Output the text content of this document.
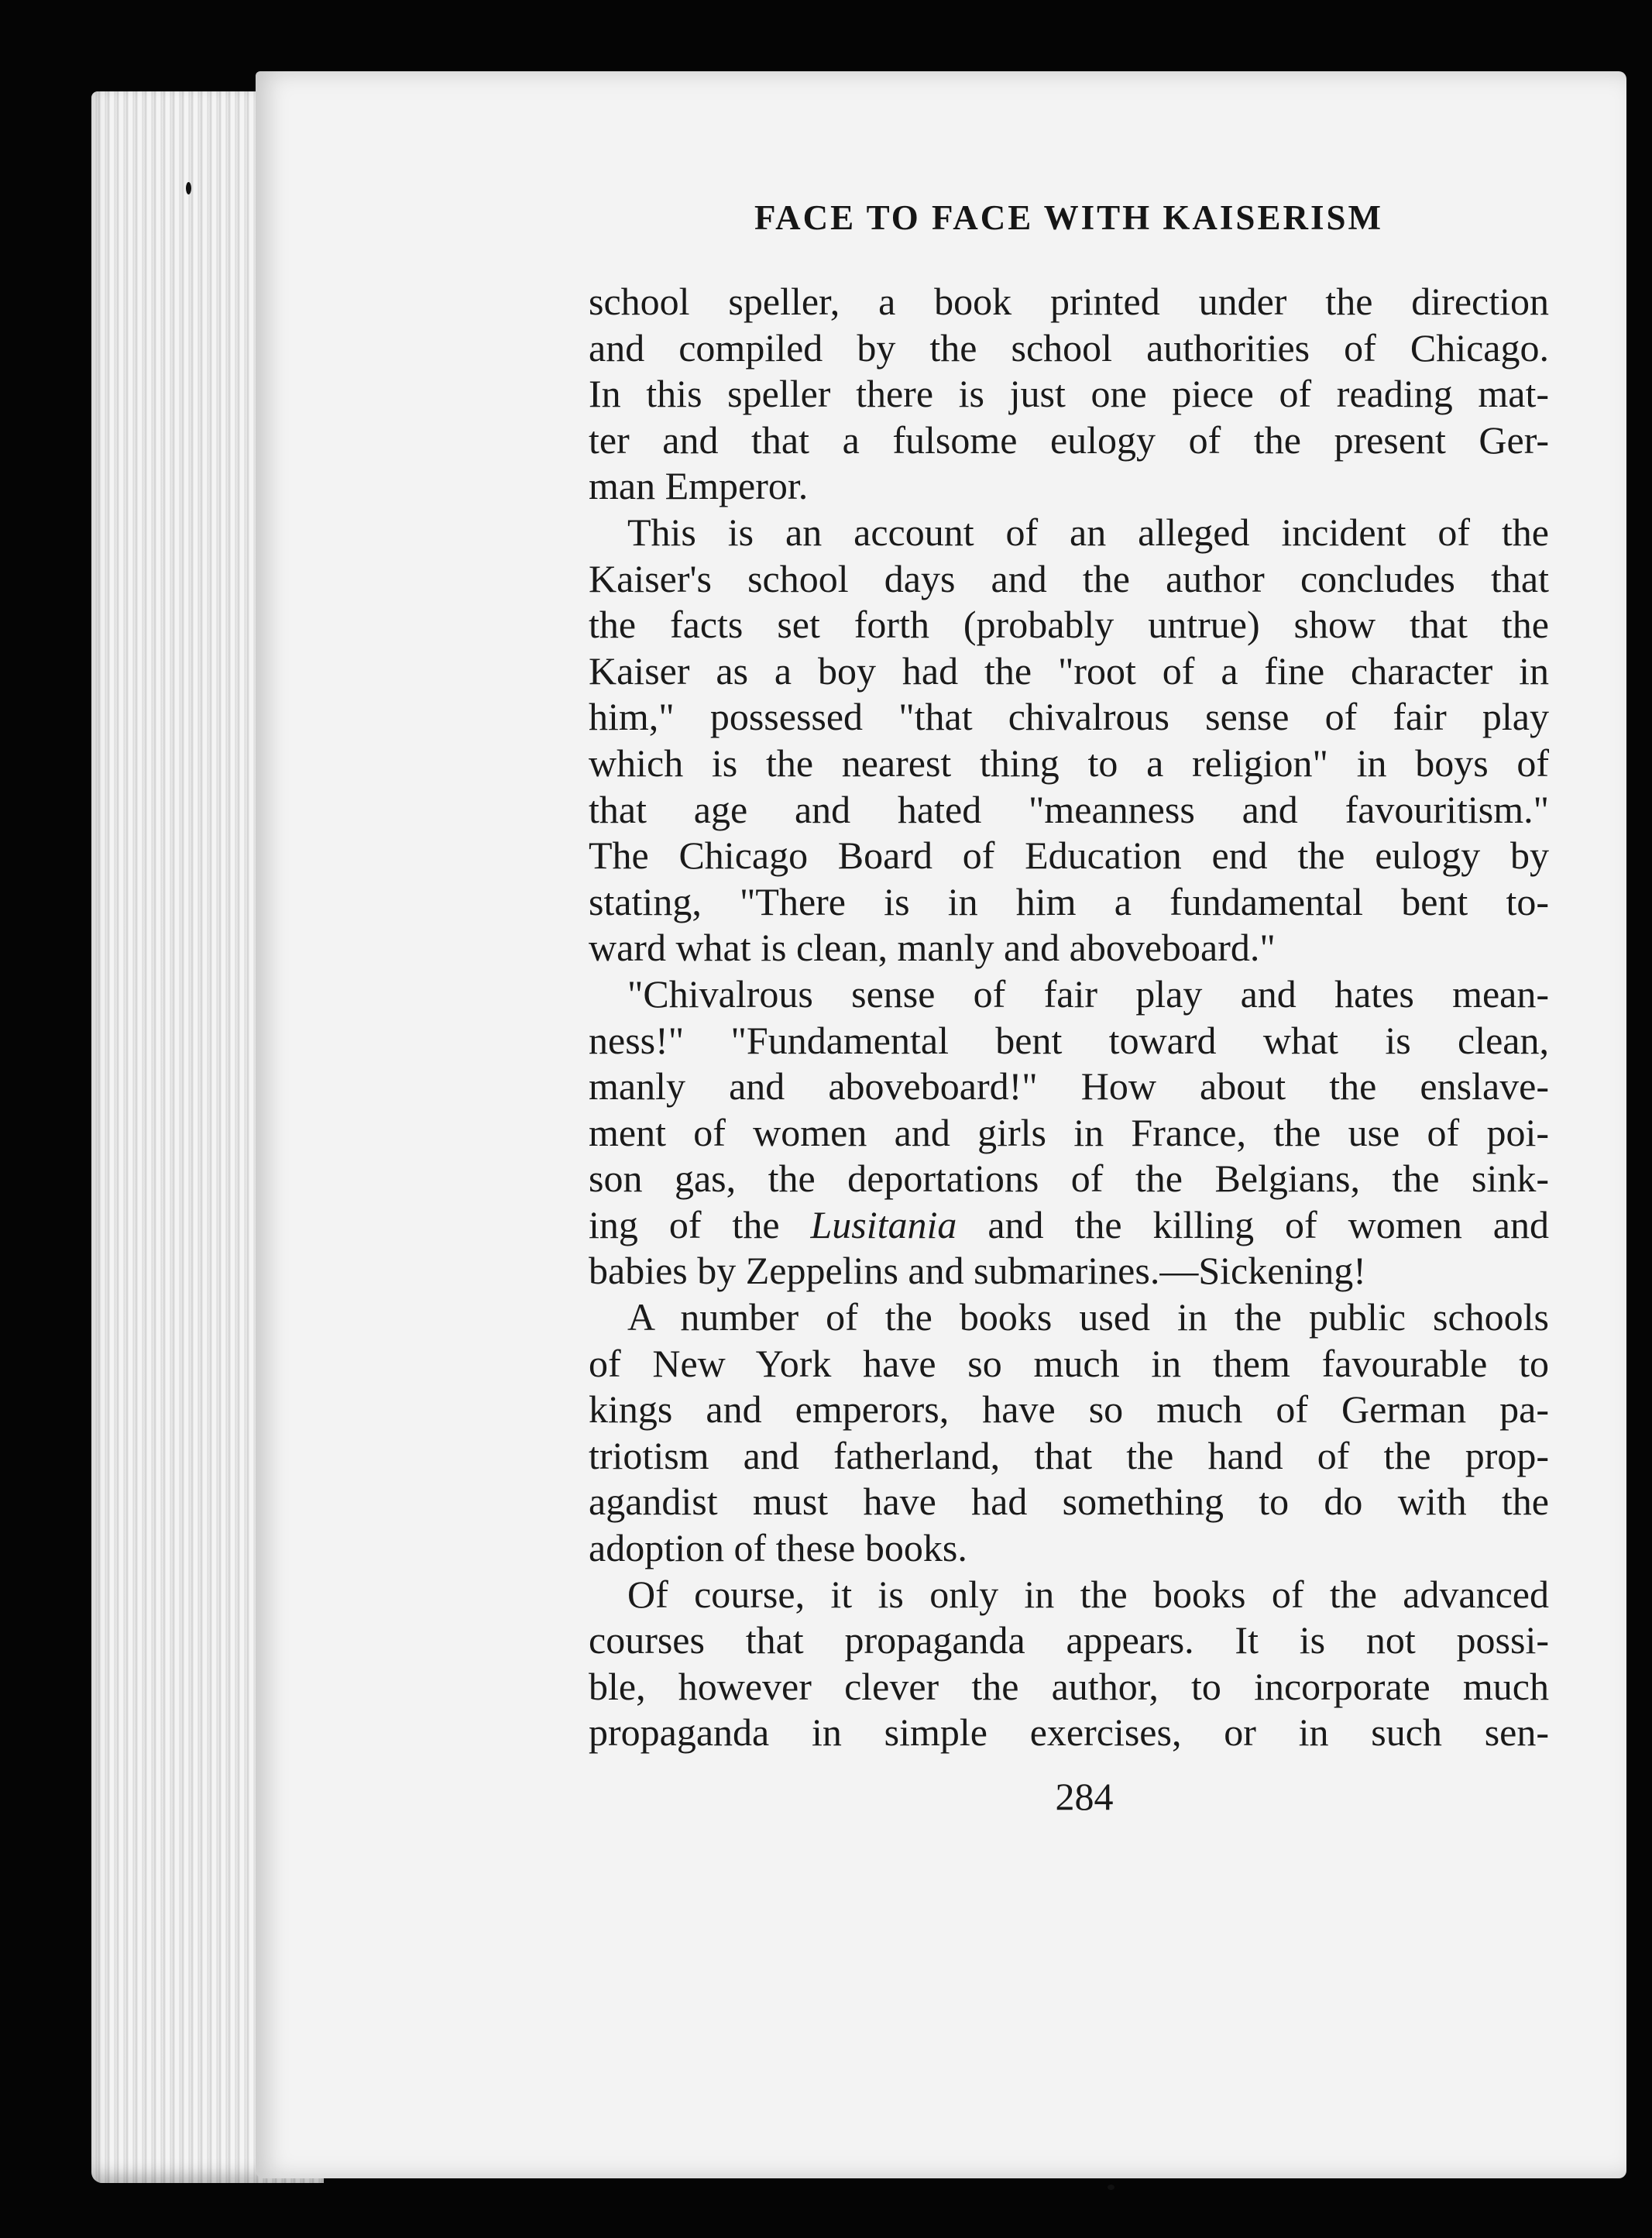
FACE TO FACE WITH KAISERISM
school speller, a book printed under the direction
and compiled by the school authorities of Chicago.
In this speller there is just one piece of reading mat-
ter and that a fulsome eulogy of the present Ger-
man Emperor.
This is an account of an alleged incident of the
Kaiser's school days and the author concludes that
the facts set forth (probably untrue) show that the
Kaiser as a boy had the "root of a fine character in
him," possessed "that chivalrous sense of fair play
which is the nearest thing to a religion" in boys of
that age and hated "meanness and favouritism."
The Chicago Board of Education end the eulogy by
stating, "There is in him a fundamental bent to-
ward what is clean, manly and aboveboard."
"Chivalrous sense of fair play and hates mean-
ness!" "Fundamental bent toward what is clean,
manly and aboveboard!" How about the enslave-
ment of women and girls in France, the use of poi-
son gas, the deportations of the Belgians, the sink-
ing of the Lusitania and the killing of women and
babies by Zeppelins and submarines.—Sickening!
A number of the books used in the public schools
of New York have so much in them favourable to
kings and emperors, have so much of German pa-
triotism and fatherland, that the hand of the prop-
agandist must have had something to do with the
adoption of these books.
Of course, it is only in the books of the advanced
courses that propaganda appears. It is not possi-
ble, however clever the author, to incorporate much
propaganda in simple exercises, or in such sen-
284
